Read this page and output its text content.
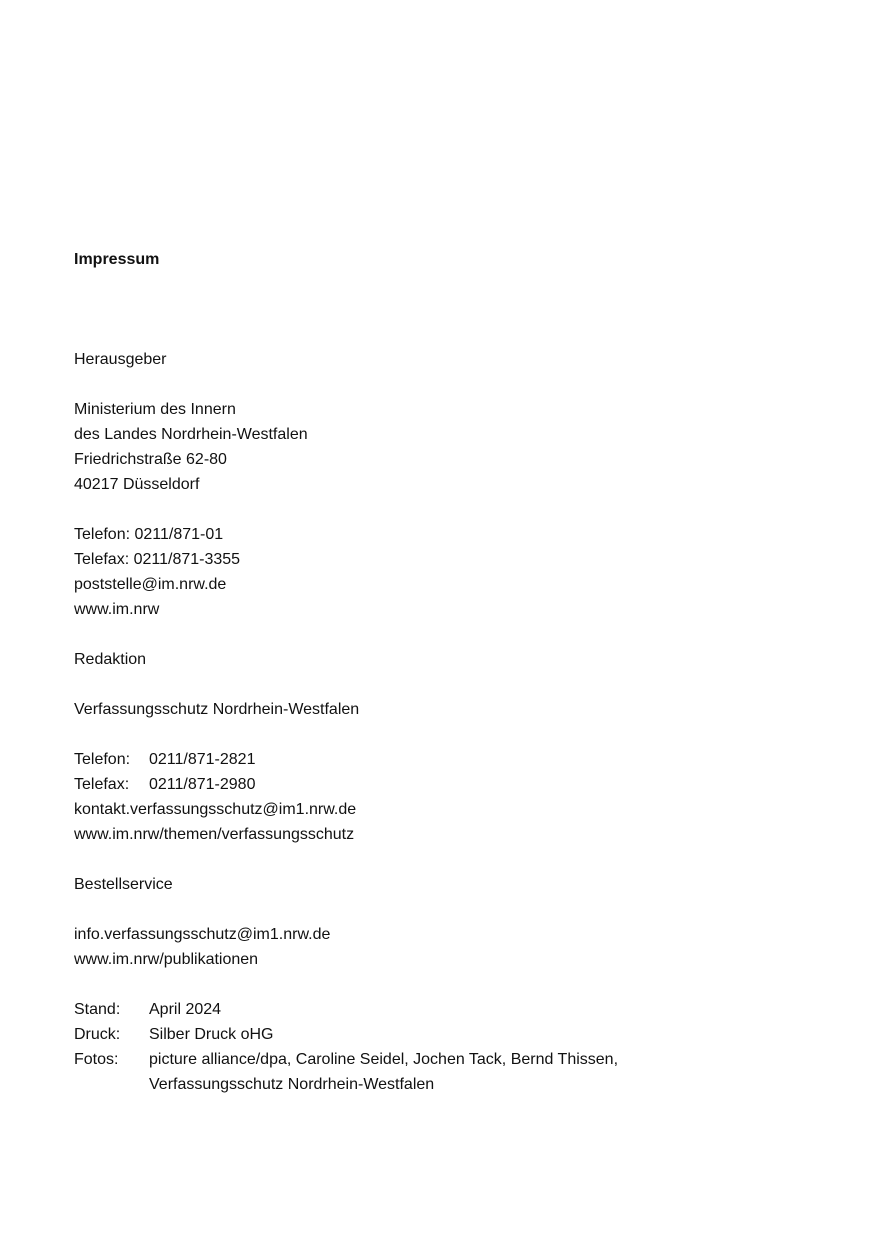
Impressum
Herausgeber
Ministerium des Innern
des Landes Nordrhein-Westfalen
Friedrichstraße 62-80
40217 Düsseldorf
Telefon: 0211/871-01
Telefax: 0211/871-3355
poststelle@im.nrw.de
www.im.nrw
Redaktion
Verfassungsschutz Nordrhein-Westfalen
Telefon:	0211/871-2821
Telefax:	0211/871-2980
kontakt.verfassungsschutz@im1.nrw.de
www.im.nrw/themen/verfassungsschutz
Bestellservice
info.verfassungsschutz@im1.nrw.de
www.im.nrw/publikationen
Stand:	April 2024
Druck:	Silber Druck oHG
Fotos:	picture alliance/dpa, Caroline Seidel, Jochen Tack, Bernd Thissen,
Verfassungsschutz Nordrhein-Westfalen
